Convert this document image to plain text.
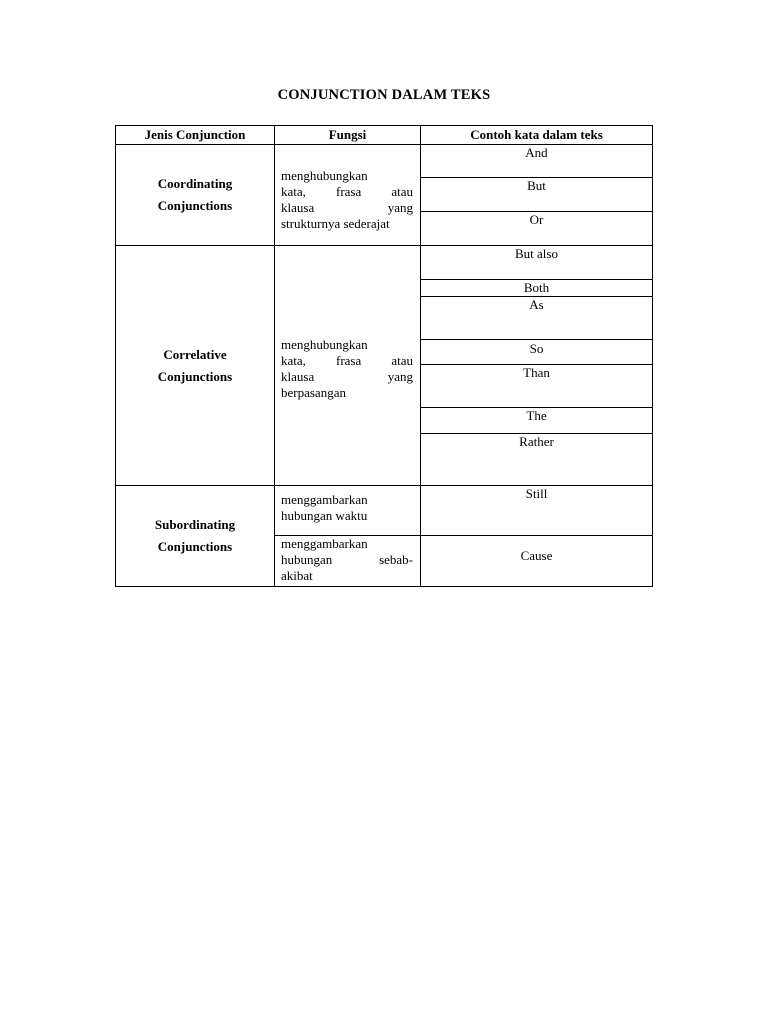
CONJUNCTION DALAM TEKS
Jenis Conjunction	Fungsi	Contoh kata dalam teks
Coordinating
Conjunctions
menghubungkan
kata, frasa atau
klausa yang
strukturnya sederajat
And
But
Or
Correlative
Conjunctions
menghubungkan
kata, frasa atau
klausa yang
berpasangan
But also
Both
As
So
Than
The
Rather
Subordinating
Conjunctions
menggambarkan
hubungan waktu
menggambarkan
hubungan sebab-
akibat
Still
Cause
